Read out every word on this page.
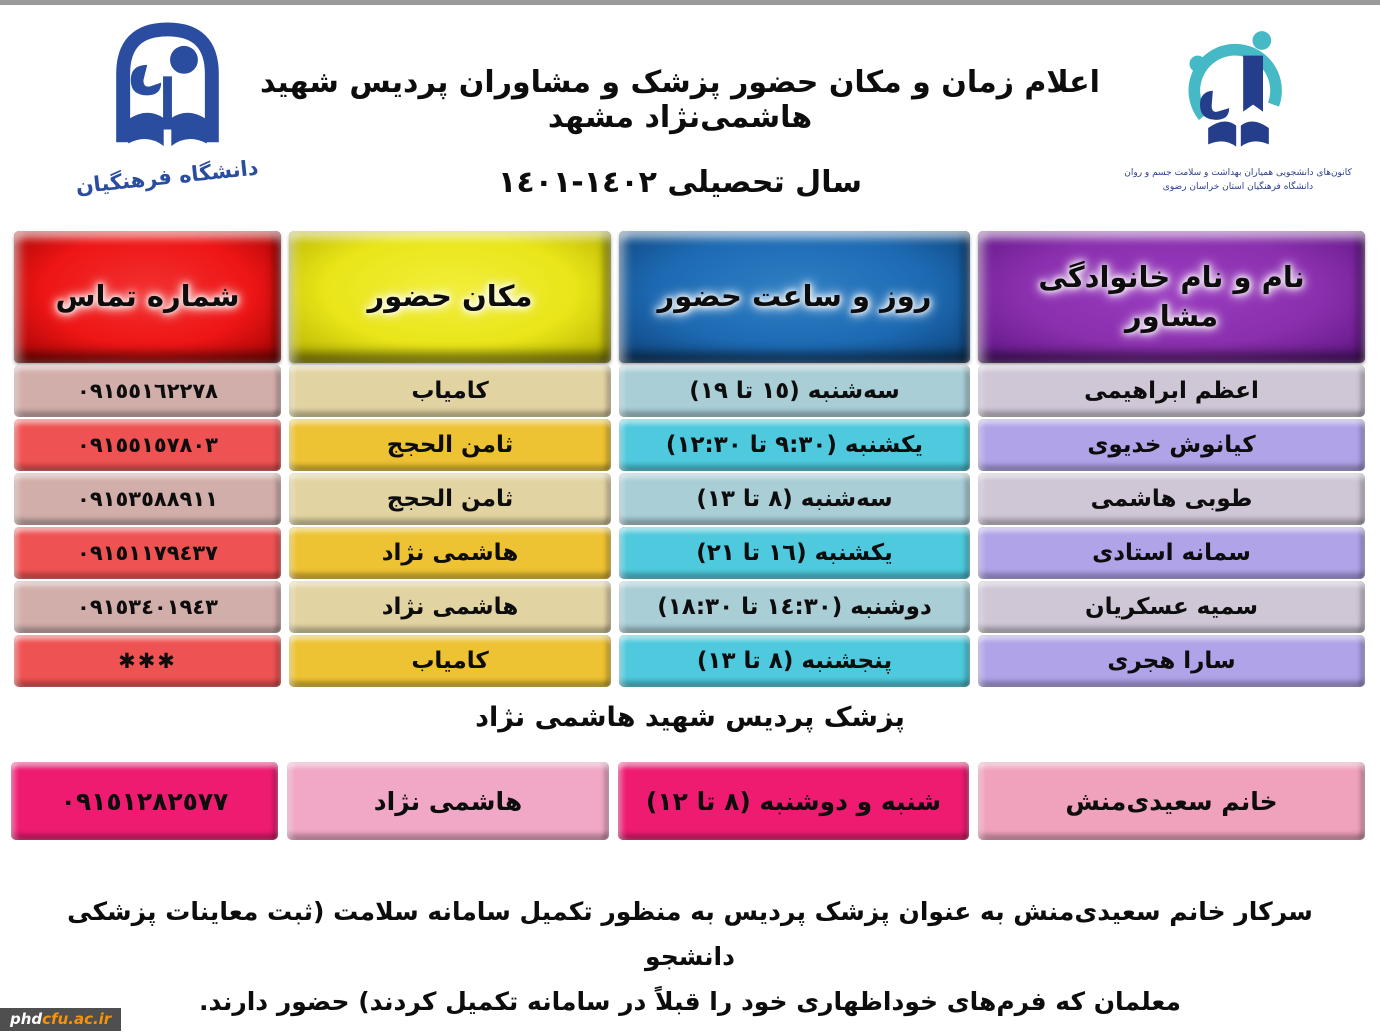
دانشگاه فرهنگیان
اعلام زمان و مکان حضور پزشک و مشاوران پردیس شهید هاشمی‌نژاد مشهد
سال تحصیلی ١٤٠٢-١٤٠١	کانون‌های دانشجویی همیاران بهداشت و سلامت جسم و روان
دانشگاه فرهنگیان استان خراسان رضوی
نام و نام خانوادگی
مشاور
روز و ساعت حضور
مکان حضور
شماره تماس
اعظم ابراهیمی
سه‌شنبه (١٥ تا ١٩)
کامیاب
٠٩١٥٥١٦٢٢٧٨
کیانوش خدیوی
یکشنبه (٩:٣٠ تا ١٢:٣٠)
ثامن الحجج
٠٩١٥٥١٥٧٨٠٣
طوبی هاشمی
سه‌شنبه (٨ تا ١٣)
ثامن الحجج
٠٩١٥٣٥٨٨٩١١
سمانه استادی
یکشنبه (١٦ تا ٢١)
هاشمی نژاد
٠٩١٥١١٧٩٤٣٧
سمیه عسکریان
دوشنبه (١٤:٣٠ تا ١٨:٣٠)
هاشمی نژاد
٠٩١٥٣٤٠١٩٤٣
سارا هجری
پنجشنبه (٨ تا ١٣)
کامیاب
✱✱✱
پزشک پردیس شهید هاشمی نژاد
خانم سعیدی‌منش
شنبه و دوشنبه (٨ تا ١٢)
هاشمی نژاد
٠٩١٥١٢٨٢٥٧٧
سرکار خانم سعیدی‌منش به عنوان پزشک پردیس به منظور تکمیل سامانه سلامت (ثبت معاینات پزشکی دانشجو
معلمان که فرم‌های خوداظهاری خود را قبلاً در سامانه تکمیل کردند) حضور دارند.
phdcfu.ac.ir
